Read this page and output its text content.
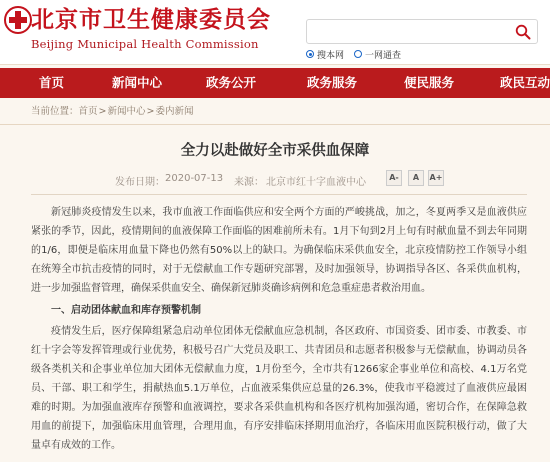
北京市卫生健康委员会
Beijing Municipal Health Commission
搜本网 一网通查
首页	新闻中心	政务公开	政务服务	便民服务	政民互动
当前位置：首页>新闻中心>委内新闻
全力以赴做好全市采供血保障
发布日期： 2020-07-13 来源： 北京市红十字血液中心	A-	A	A+

新冠肺炎疫情发生以来，我市血液工作面临供应和安全两个方面的严峻挑战，加之，冬夏两季又是血液供应紧张的季节，因此，疫情期间的血液保障工作面临的困难前所未有。1月下旬到2月上旬有时献血量不到去年同期的1/6，即便是临床用血量下降也仍然有50%以上的缺口。为确保临床采供血安全，北京疫情防控工作领导小组在统筹全市抗击疫情的同时，对于无偿献血工作专题研究部署，及时加强领导，协调指导各区、各采供血机构，进一步加强监督管理，确保采供血安全、确保新冠肺炎确诊病例和危急重症患者救治用血。

一、启动团体献血和库存预警机制

疫情发生后，医疗保障组紧急启动单位团体无偿献血应急机制，各区政府、市国资委、团市委、市教委、市红十字会等发挥管理或行业优势，积极号召广大党员及职工、共青团员和志愿者积极参与无偿献血，协调动员各级各类机关和企事业单位加大团体无偿献血力度，1月份至今，全市共有1266家企事业单位和高校、4.1万名党员、干部、职工和学生，捐献热血5.1万单位，占血液采集供应总量的26.3%，使我市平稳渡过了血液供应最困难的时期。为加强血液库存预警和血液调控，要求各采供血机构和各医疗机构加强沟通，密切合作，在保障急救用血的前提下，加强临床用血管理，合理用血，有序安排临床择期用血治疗，各临床用血医院积极行动，做了大量卓有成效的工作。
